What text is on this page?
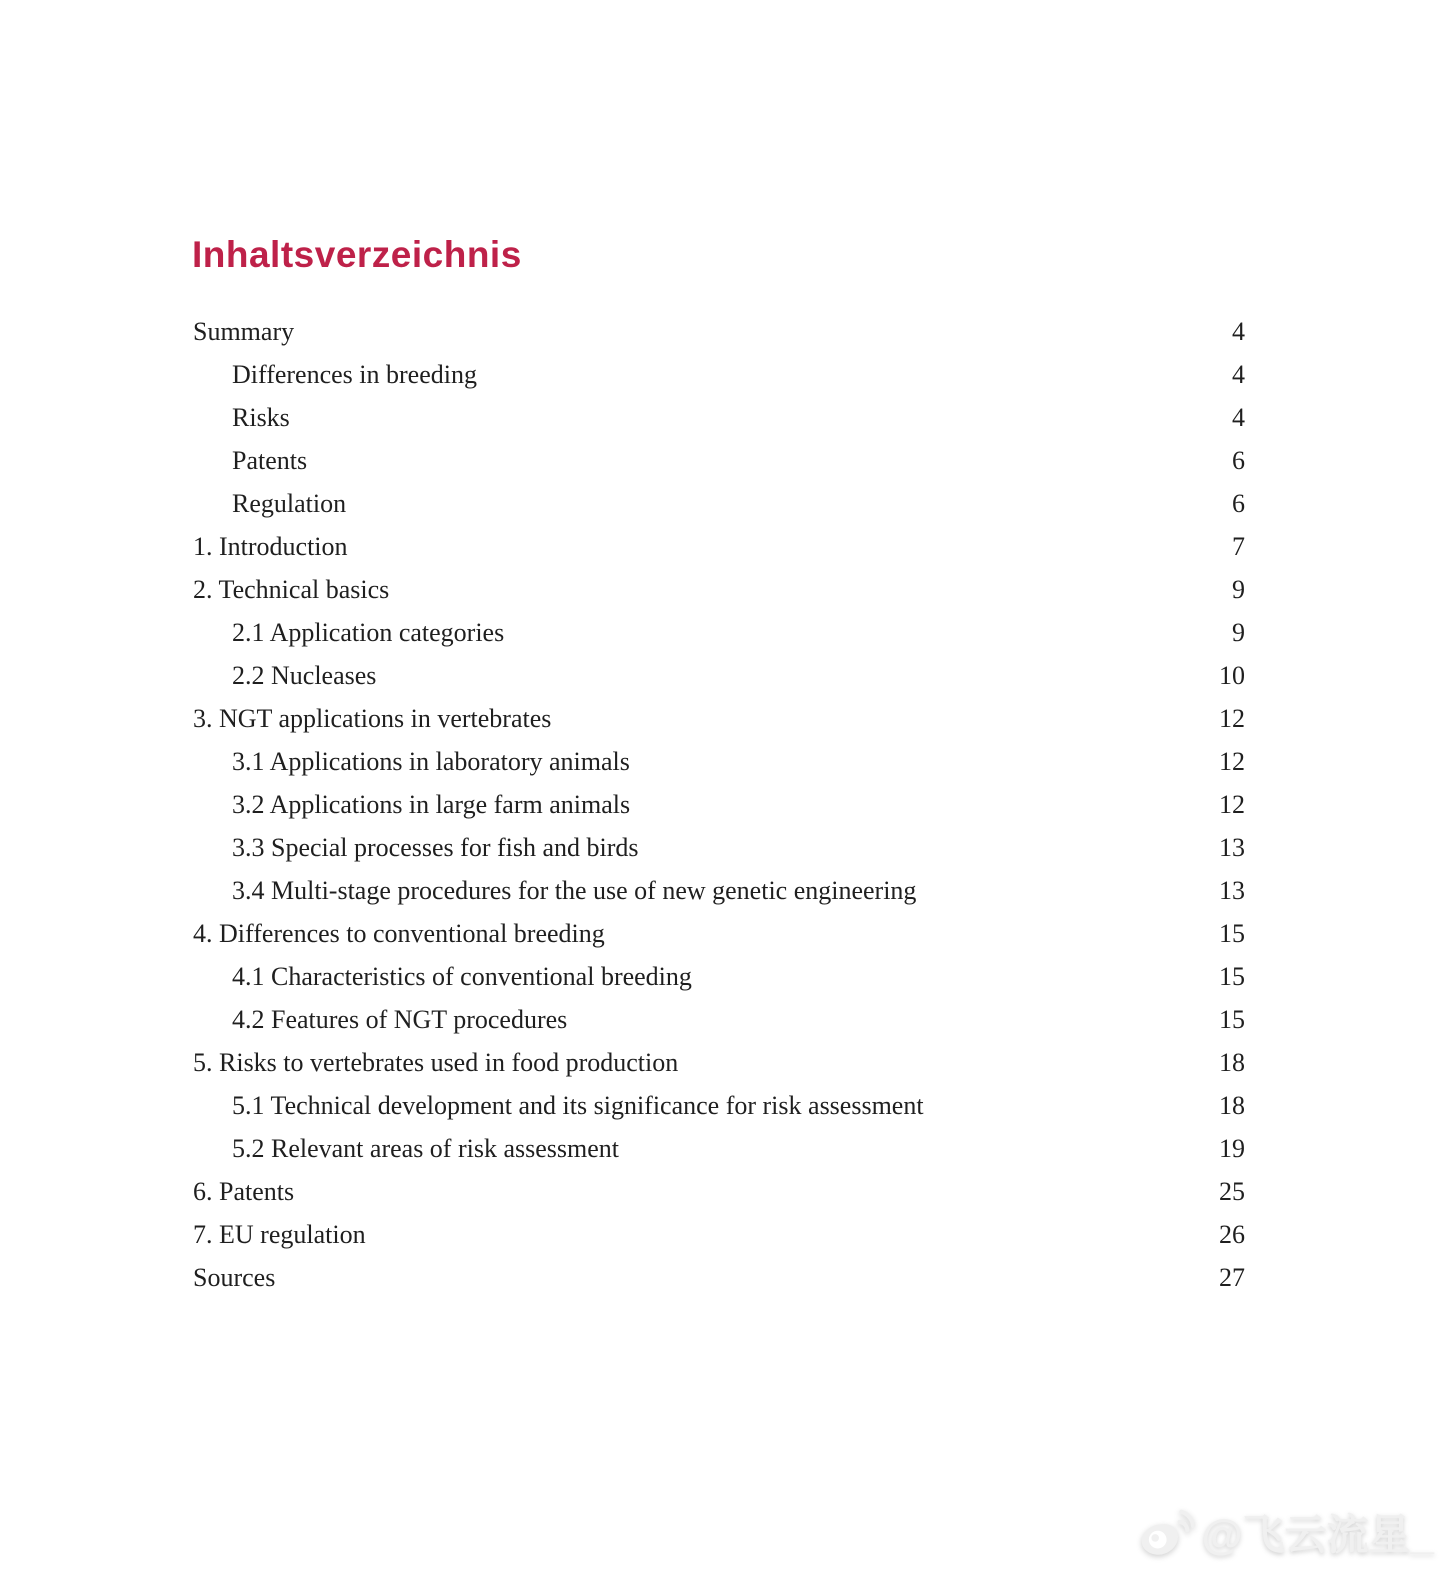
Inhaltsverzeichnis
Summary	4
Differences in breeding	4
Risks	4
Patents	6
Regulation	6
1. Introduction	7
2. Technical basics	9
2.1 Application categories	9
2.2 Nucleases	10
3. NGT applications in vertebrates	12
3.1 Applications in laboratory animals	12
3.2 Applications in large farm animals	12
3.3 Special processes for fish and birds	13
3.4 Multi-stage procedures for the use of new genetic engineering	13
4. Differences to conventional breeding	15
4.1 Characteristics of conventional breeding	15
4.2 Features of NGT procedures	15
5. Risks to vertebrates used in food production	18
5.1 Technical development and its significance for risk assessment	18
5.2 Relevant areas of risk assessment	19
6. Patents	25
7. EU regulation	26
Sources	27
@飞云流星_
